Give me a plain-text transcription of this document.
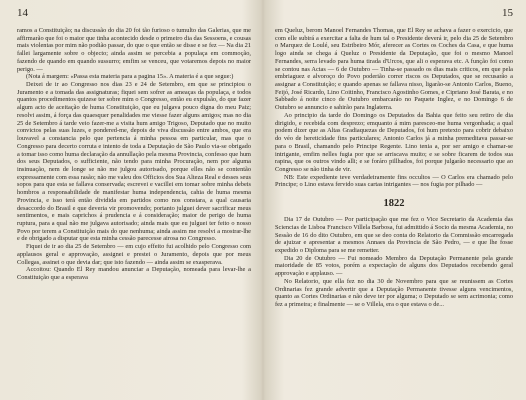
14

ramos a Constituição; na discussão do dia 20 foi tão furioso o tumulto das Galerias, que me affirmarão que foi o maior que tinha acontecido desde o primeiro dia das Sessoens, e cousas mais violentas por mim não podião passar, do que o que então se disse e se fez — Na dia 21 fallei largamente sobre o objecto; ainda assim se percebia a populaça em commoção, fazendo de quando em quando sussurro; emfim se venceu, que votaremos depois no maior perigo. —

(Nota á margem: «Passa esta materia para a pagina 15». A materia é a que segue:)

Deixei de ir ao Congresso nos dias 23 e 24 de Setembro, em que se principiou o Juramento e a tomada das assignaturas; fiquei sem sofrer as ameaças da populaça, e todos quantos procedimentos quizese ter sobre mim o Congresso, então eu expulsão, do que fazer algum acto de aceitação de huma Constituição, que eu julgava pouco digna do meu Paiz; resolvi assim, á força das quaesquer penalidades me viesse fazer alguns amigos; mas no dia 25 de Setembro á tarde veio fazer-me a visita hum amigo Trigoso, Deputado que no muito convictos pelas suas luzes, e pondered-me, depois de viva discussão entre ambos, que era louvavel a constancia pelo que pertencia á minha pessoa em particular, mas que o Congresso para decerto corruta e intento de toda a Deputação de São Paulo via-se obrigado a tomar isso como huma declaração da annullação pela mesma Provincia, confesso que hum dos seus Deputados, o sufficiente, não tendo para minha Procuração, nem por alguma insinuação, nem de longe se não me julgou autorisado, porque elles não se contentão expressamente com essa rasão; não me valeu dos Officios dos Sua Alteza Real e desses seus sopos para que esta se fallava conservada; escrevei e vacillei em tomar sobre minha debeis hombros a responsabilidade de manifestar huma independencia, cahia de huma mesma Provincia, e isso terá então dividida em partidos como nos constara, a qual causaria desaccordo do Brasil e que deveria vir promovendo; portanto julguei dever sacrificar meus sentimentos, e mais caprichos á prudencia e á consideração; maior de perigo de huma ruptura, para a qual não me julgava autorisado; ainda mais que eu julguei ter feito o nosso Povo por terem a Constituição mais do que nenhuma; ainda assim me resolvi a mostrar-lhe e de obrigado a disputar que esta minha cessão parecesse airosa no Congresso.

Fiquei de ir ao dia 25 de Setembro — em cujo effeito fui acolhido pelo Congresso com applausos geral e approvação, assignei e prestei o Juramento, depois que por meus Collegas, assinei o que devia dar; que isto fazendo — ainda assim se exasperava.

Accoitou: Quando El Rey mandou anunciar a Deputação, nomeada para levar-lhe a Constituição que a esperava

15

em Queluz, berom Manoel Fernandes Thomas, que El Rey se achava a fazer o exercicio, que com elle subirá a exercitar a falta de hum tal o Presidente deverá ir, pelo dia 25 de Setembro o Marquez de Loulé, seu Estribeiro Mór, aferecer as Cortes os Coches da Casa, e que huma logo ainda se chega á Queluz o Presidente da Deputação, que foi o mesmo Manoel Fernandes, serra levado para huma tirada d'Urcos, que ali o esperava etc. A função foi como se contou nas Actas — 6 de Outubro — Tinha-se passado os dias mais criticos, em que pela embriaguez e alvoroço do Povo poderião correr riscos os Deputados, que se recusarão a assignar a Constituição; e quando apenas se fallava nisso, ligarão-se Antonio Carlos, Bueno, Feijó, José Ricardo, Lino Coitinho, Francisco Agostinho Gomes, e Cipriano José Barata, e no Sabbado á noite cinco de Outubro embarcarão no Paquete Inglez, e no Domingo 6 de Outubro se annuncio e sahirão para Inglaterra.

Ao principio da tarde do Domingo os Deputados da Bahia que feito seu retiro de dia dirigido, e recebida com desprezo; emquanto á mim paresceo-me huma vergonhada; a qual podem dizer que as Altas Gradiaquezas de Deputados, foi hum pretexto para cobrir debaixo do véo de hereticidade fins particulares; Antonio Carlos já a minha premeditava passar-se para o Brasil, chamando pelo Principe Regente. Lino tenia a, por ser amigo e chamar-se intrigante, emfim nelles fugia por que se arriscava muito; e se sobre ficarem de todos sua rapina, que os outros vindo alli; e se foráro pillhados, foi porque julgarão necessario que ao Congresso se não tinha de vir.

NB: Este expediente teve verdadeiramente fins occultos — O Carlos era chamado pelo Principe; o Lino estava fervido suas cartas intrigantes — nos fugia por pilhado —

1822

Dia 17 de Outubro — Por participação que me fez o Vice Secretario da Academia das Sciencias de Lisboa Francisco Villela Barbosa, fui admittido á Socio da mesma Academia, no Sessão de 16 do dito Outubro, em que se deo conta do Relatorio da Commissão encarregada de ajuizar e apresentar a mesmos Annaes da Provincia de São Pedro, — e que lhe fosse expedido o Diploma para se me remetter.

Dia 20 de Outubro — Fui nomeado Membro da Deputação Permanente pela grande maioridade de 85 votos, porém a expectação de alguns dos Deputados recebendo geral approvação e applauso. —

No Relatorio, que ella fez no dia 30 de Novembro para que se reunissem as Cortes Ordinarias fez grande advertir que a Deputação Permanente tivesse alguns vencimentos, quanto as Cortes Ordinarias e não deve ter por alguma; o Deputado se sem acrimonia; como fez a primeira; e finalmente — se o Villela, era o que estava o de...
